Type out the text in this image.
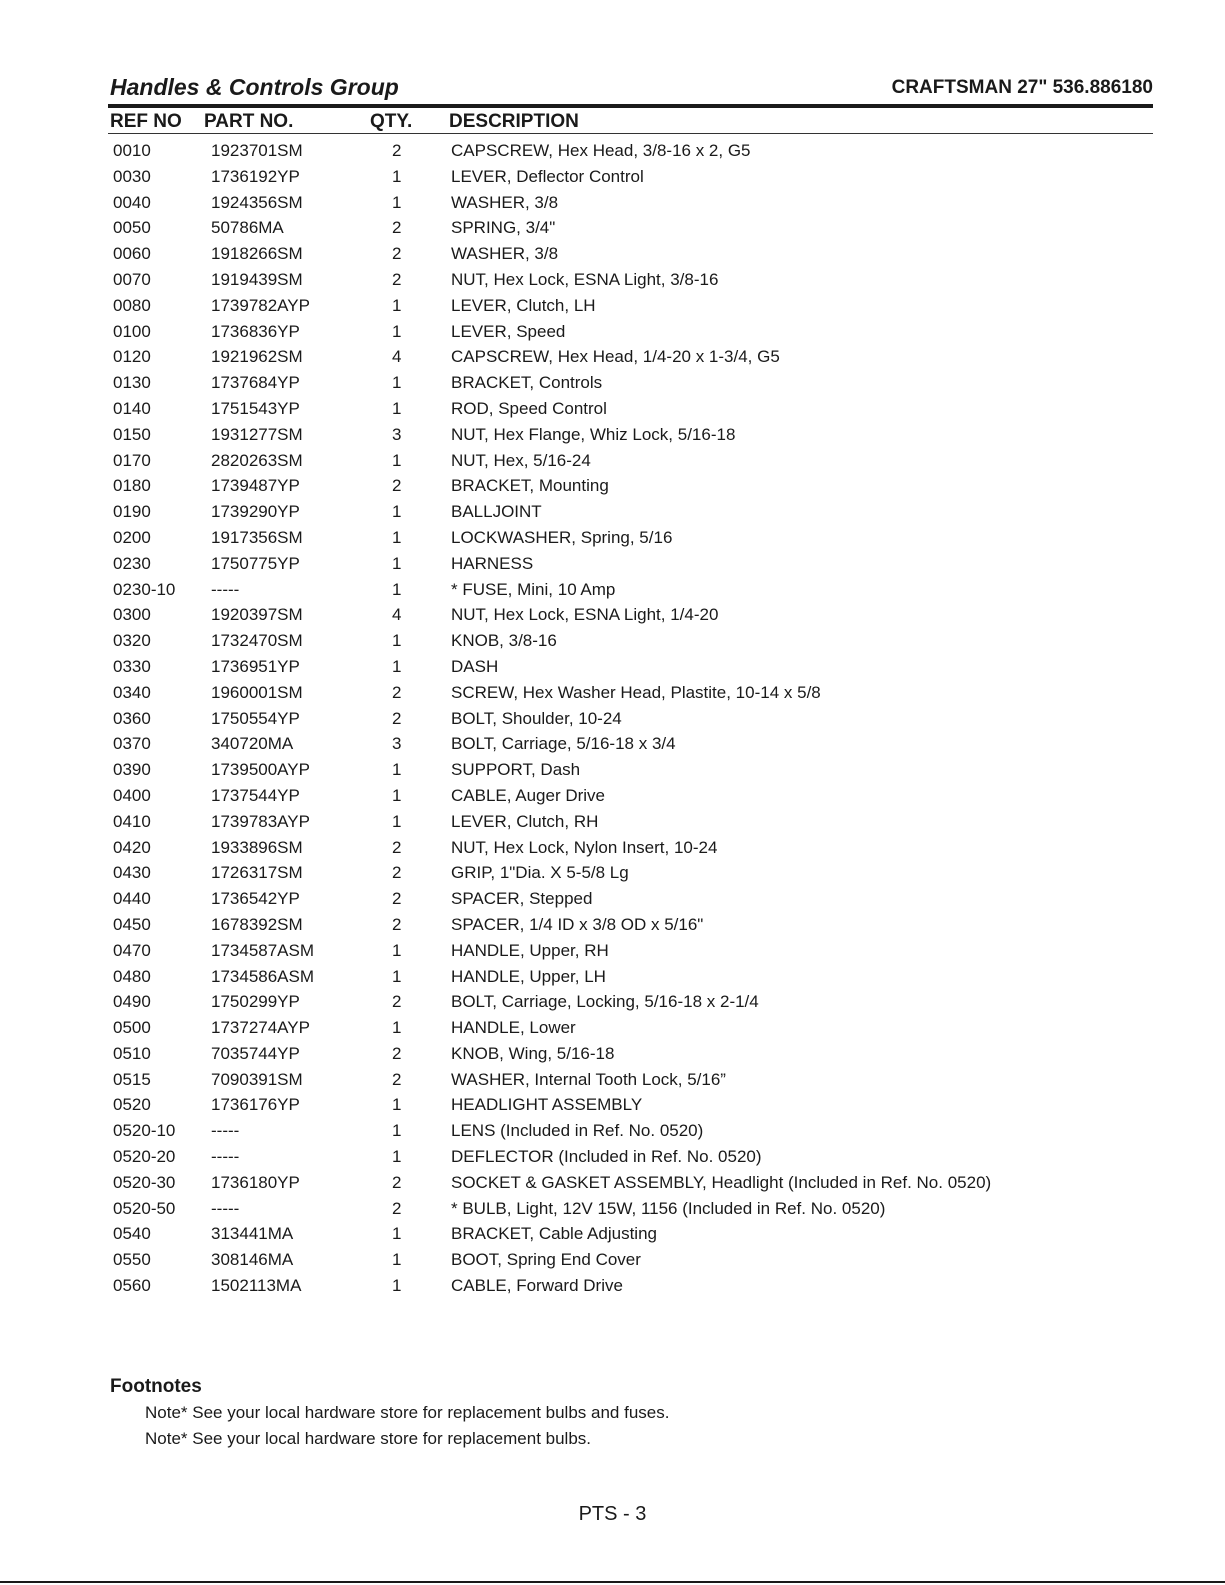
Handles & Controls Group	CRAFTSMAN 27" 536.886180
REF NO PART NO.	QTY. DESCRIPTION
0010	1923701SM	2	CAPSCREW, Hex Head, 3/8-16 x 2, G5
0030	1736192YP	1	LEVER, Deflector Control
0040	1924356SM	1	WASHER, 3/8
0050	50786MA	2	SPRING, 3/4"
0060	1918266SM	2	WASHER, 3/8
0070	1919439SM	2	NUT, Hex Lock, ESNA Light, 3/8-16
0080	1739782AYP	1	LEVER, Clutch, LH
0100	1736836YP	1	LEVER, Speed
0120	1921962SM	4	CAPSCREW, Hex Head, 1/4-20 x 1-3/4, G5
0130	1737684YP	1	BRACKET, Controls
0140	1751543YP	1	ROD, Speed Control
0150	1931277SM	3	NUT, Hex Flange, Whiz Lock, 5/16-18
0170	2820263SM	1	NUT, Hex, 5/16-24
0180	1739487YP	2	BRACKET, Mounting
0190	1739290YP	1	BALLJOINT
0200	1917356SM	1	LOCKWASHER, Spring, 5/16
0230	1750775YP	1	HARNESS
0230-10 -----	1	* FUSE, Mini, 10 Amp
0300	1920397SM	4	NUT, Hex Lock, ESNA Light, 1/4-20
0320	1732470SM	1	KNOB, 3/8-16
0330	1736951YP	1	DASH
0340	1960001SM	2	SCREW, Hex Washer Head, Plastite, 10-14 x 5/8
0360	1750554YP	2	BOLT, Shoulder, 10-24
0370	340720MA	3	BOLT, Carriage, 5/16-18 x 3/4
0390	1739500AYP	1	SUPPORT, Dash
0400	1737544YP	1	CABLE, Auger Drive
0410	1739783AYP	1	LEVER, Clutch, RH
0420	1933896SM	2	NUT, Hex Lock, Nylon Insert, 10-24
0430	1726317SM	2	GRIP, 1"Dia. X 5-5/8 Lg
0440	1736542YP	2	SPACER, Stepped
0450	1678392SM	2	SPACER, 1/4 ID x 3/8 OD x 5/16"
0470	1734587ASM	1	HANDLE, Upper, RH
0480	1734586ASM	1	HANDLE, Upper, LH
0490	1750299YP	2	BOLT, Carriage, Locking, 5/16-18 x 2-1/4
0500	1737274AYP	1	HANDLE, Lower
0510	7035744YP	2	KNOB, Wing, 5/16-18
0515	7090391SM	2	WASHER, Internal Tooth Lock, 5/16”
0520	1736176YP	1	HEADLIGHT ASSEMBLY
0520-10 -----	1	LENS (Included in Ref. No. 0520)
0520-20 -----	1	DEFLECTOR (Included in Ref. No. 0520)
0520-30 1736180YP	2	SOCKET & GASKET ASSEMBLY, Headlight (Included in Ref. No. 0520)
0520-50 -----	2	* BULB, Light, 12V 15W, 1156 (Included in Ref. No. 0520)
0540	313441MA	1	BRACKET, Cable Adjusting
0550	308146MA	1	BOOT, Spring End Cover
0560	1502113MA	1	CABLE, Forward Drive
Footnotes
Note* See your local hardware store for replacement bulbs and fuses.
Note* See your local hardware store for replacement bulbs.
PTS - 3
